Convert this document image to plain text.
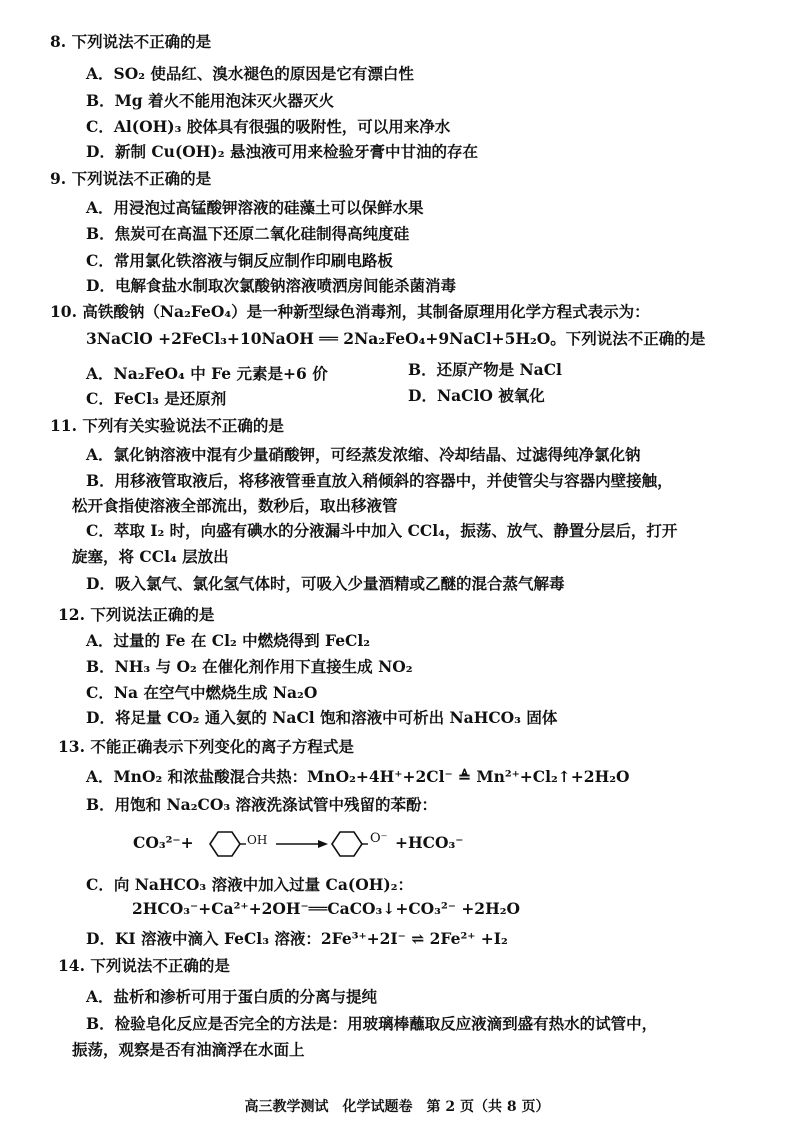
8. 下列说法不正确的是
A．SO₂ 使品红、溴水褪色的原因是它有漂白性
B．Mg 着火不能用泡沫灭火器灭火
C．Al(OH)₃ 胶体具有很强的吸附性，可以用来净水
D．新制 Cu(OH)₂ 悬浊液可用来检验牙膏中甘油的存在
9. 下列说法不正确的是
A．用浸泡过高锰酸钾溶液的硅藻土可以保鲜水果
B．焦炭可在高温下还原二氧化硅制得高纯度硅
C．常用氯化铁溶液与铜反应制作印刷电路板
D．电解食盐水制取次氯酸钠溶液喷洒房间能杀菌消毒
10. 高铁酸钠（Na₂FeO₄）是一种新型绿色消毒剂，其制备原理用化学方程式表示为：
3NaClO +2FeCl₃+10NaOH ══ 2Na₂FeO₄+9NaCl+5H₂O。下列说法不正确的是
A．Na₂FeO₄ 中 Fe 元素是+6 价	B．还原产物是 NaCl
C．FeCl₃ 是还原剂	D．NaClO 被氧化
11. 下列有关实验说法不正确的是
A．氯化钠溶液中混有少量硝酸钾，可经蒸发浓缩、冷却结晶、过滤得纯净氯化钠
B．用移液管取液后，将移液管垂直放入稍倾斜的容器中，并使管尖与容器内壁接触，
松开食指使溶液全部流出，数秒后，取出移液管
C．萃取 I₂ 时，向盛有碘水的分液漏斗中加入 CCl₄，振荡、放气、静置分层后，打开
旋塞，将 CCl₄ 层放出
D．吸入氯气、氯化氢气体时，可吸入少量酒精或乙醚的混合蒸气解毒
12. 下列说法正确的是
A．过量的 Fe 在 Cl₂ 中燃烧得到 FeCl₂
B．NH₃ 与 O₂ 在催化剂作用下直接生成 NO₂
C．Na 在空气中燃烧生成 Na₂O
D．将足量 CO₂ 通入氨的 NaCl 饱和溶液中可析出 NaHCO₃ 固体
13. 不能正确表示下列变化的离子方程式是
A．MnO₂ 和浓盐酸混合共热：MnO₂+4H⁺+2Cl⁻ ≜ Mn²⁺+Cl₂↑+2H₂O
B．用饱和 Na₂CO₃ 溶液洗涤试管中残留的苯酚：
CO₃²⁻+	OH	O⁻ +HCO₃⁻
C．向 NaHCO₃ 溶液中加入过量 Ca(OH)₂：
2HCO₃⁻+Ca²⁺+2OH⁻══CaCO₃↓+CO₃²⁻ +2H₂O
D．KI 溶液中滴入 FeCl₃ 溶液：2Fe³⁺+2I⁻ ⇌ 2Fe²⁺ +I₂
14. 下列说法不正确的是
A．盐析和渗析可用于蛋白质的分离与提纯
B．检验皂化反应是否完全的方法是：用玻璃棒蘸取反应液滴到盛有热水的试管中，
振荡，观察是否有油滴浮在水面上
高三教学测试　化学试题卷　第 2 页（共 8 页）
